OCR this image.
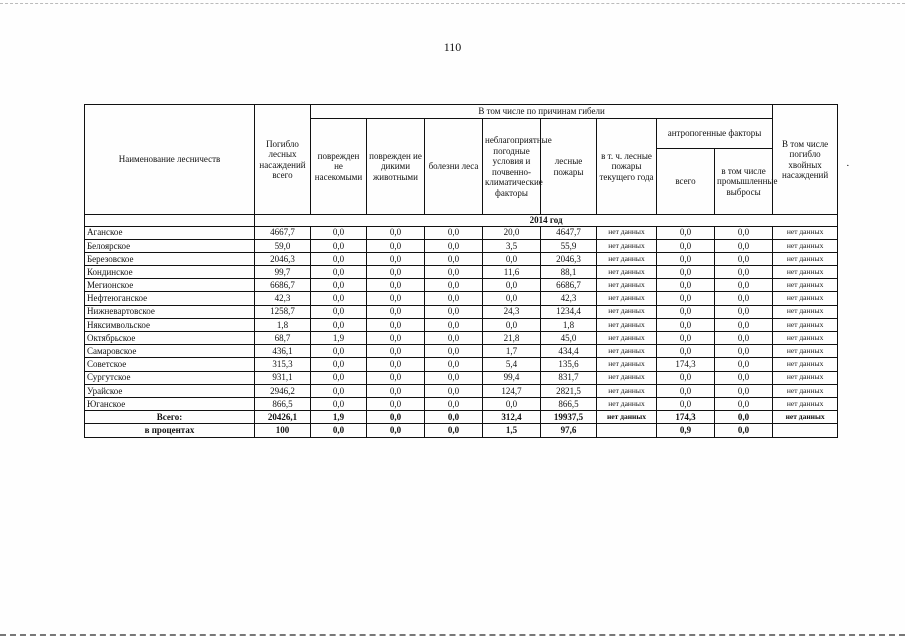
110
·
Наименование лесничеств	Погибло лесных насаждений всего	В том числе по причинам гибели								В том числе погибло хвойных насаждений
		поврежден не насекомыми	поврежден ие дикими животными	болезни леса	неблагоприятные погодные условия и почвенно-климатические факторы	лесные пожары	в т. ч. лесные пожары текущего года	антропогенные факторы		
								всего	в том числе промышленные выбросы	
	2014 год									
Аганское	4667,7	0,0	0,0	0,0	20,0	4647,7	нет данных	0,0	0,0	нет данных
Белоярское	59,0	0,0	0,0	0,0	3,5	55,9	нет данных	0,0	0,0	нет данных
Березовское	2046,3	0,0	0,0	0,0	0,0	2046,3	нет данных	0,0	0,0	нет данных
Кондинское	99,7	0,0	0,0	0,0	11,6	88,1	нет данных	0,0	0,0	нет данных
Мегионское	6686,7	0,0	0,0	0,0	0,0	6686,7	нет данных	0,0	0,0	нет данных
Нефтеюганское	42,3	0,0	0,0	0,0	0,0	42,3	нет данных	0,0	0,0	нет данных
Нижневартовское	1258,7	0,0	0,0	0,0	24,3	1234,4	нет данных	0,0	0,0	нет данных
Няксимвольское	1,8	0,0	0,0	0,0	0,0	1,8	нет данных	0,0	0,0	нет данных
Октябрьское	68,7	1,9	0,0	0,0	21,8	45,0	нет данных	0,0	0,0	нет данных
Самаровское	436,1	0,0	0,0	0,0	1,7	434,4	нет данных	0,0	0,0	нет данных
Советское	315,3	0,0	0,0	0,0	5,4	135,6	нет данных	174,3	0,0	нет данных
Сургутское	931,1	0,0	0,0	0,0	99,4	831,7	нет данных	0,0	0,0	нет данных
Урайское	2946,2	0,0	0,0	0,0	124,7	2821,5	нет данных	0,0	0,0	нет данных
Юганское	866,5	0,0	0,0	0,0	0,0	866,5	нет данных	0,0	0,0	нет данных
Всего:	20426,1	1,9	0,0	0,0	312,4	19937,5	нет данных	174,3	0,0	нет данных
в процентах	100	0,0	0,0	0,0	1,5	97,6		0,9	0,0	
